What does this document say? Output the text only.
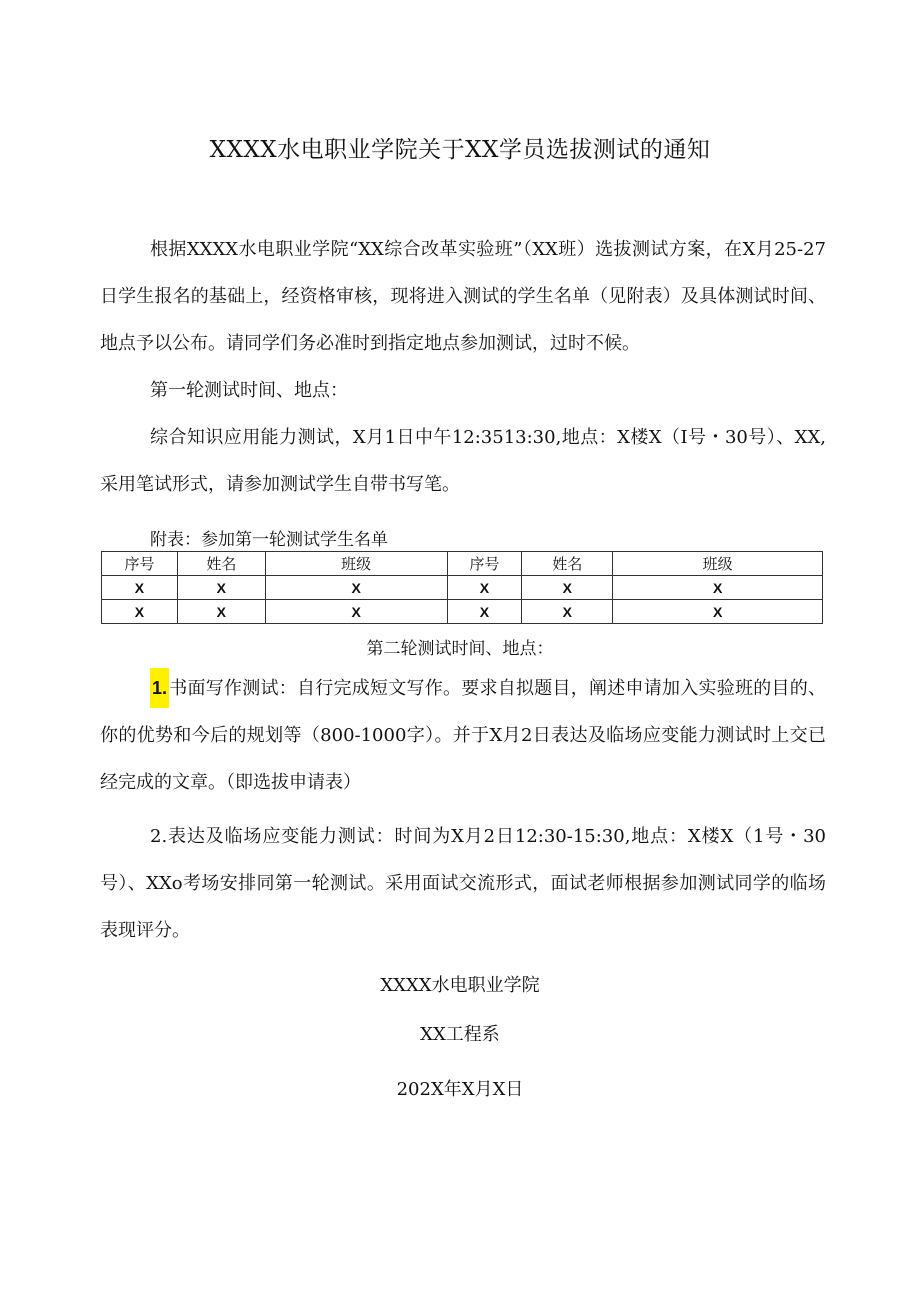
XXXX水电职业学院关于XX学员选拔测试的通知

根据XXXX水电职业学院“XX综合改革实验班”（XX班）选拔测试方案，在X月25-27日学生报名的基础上，经资格审核，现将进入测试的学生名单（见附表）及具体测试时间、地点予以公布。请同学们务必准时到指定地点参加测试，过时不候。

第一轮测试时间、地点：

综合知识应用能力测试，X月1日中午12:3513:30,地点：X楼X（I号・30号）、XX,采用笔试形式，请参加测试学生自带书写笔。

附表：参加第一轮测试学生名单
序号	姓名	班级	序号	姓名	班级
X	X	X	X	X	X
X	X	X	X	X	X
第二轮测试时间、地点：

1. 书面写作测试：自行完成短文写作。要求自拟题目，阐述申请加入实验班的目的、你的优势和今后的规划等（800-1000字）。并于X月2日表达及临场应变能力测试时上交已经完成的文章。（即选拔申请表）

2.表达及临场应变能力测试：时间为X月2日12:30-15:30,地点：X楼X（1号・30号）、XXo考场安排同第一轮测试。采用面试交流形式，面试老师根据参加测试同学的临场表现评分。

XXXX水电职业学院
XX工程系
202X年X月X日
